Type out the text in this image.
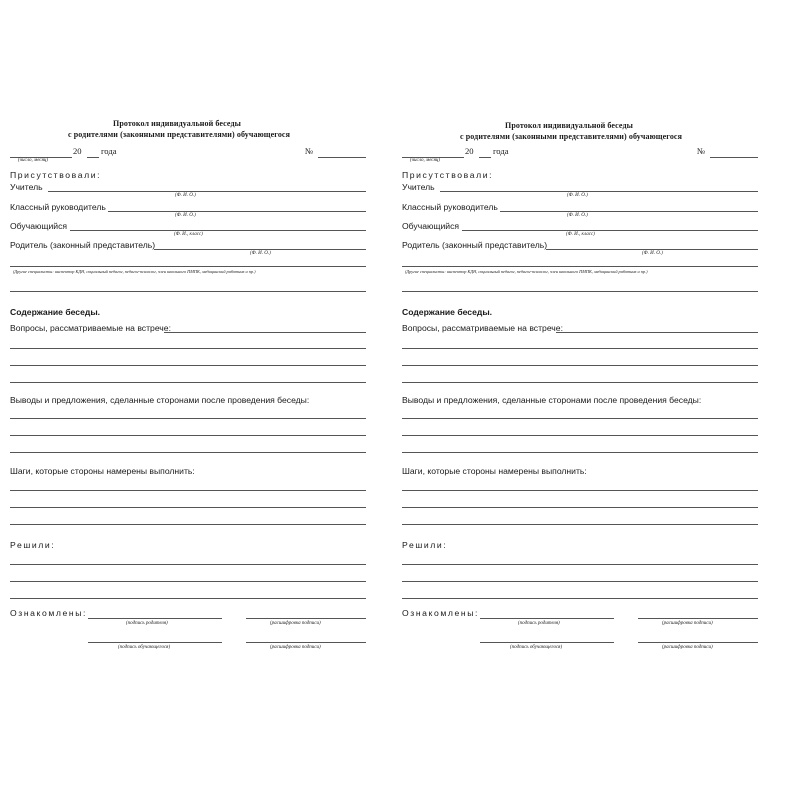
Протокол индивидуальной беседы
с родителями (законными представителями) обучающегося
20 года	№
(число, месяц)
Присутствовали:
Учитель
(Ф. И. О.)
Классный руководитель
(Ф. И. О.)
Обучающийся
(Ф. И., класс)
Родитель (законный представитель)
(Ф. И. О.)
(Другие специалисты: инспектор КДН, социальный педагог, педагог-психолог, член школьного ПМПК, медицинский работник и пр.)
Содержание беседы.
Вопросы, рассматриваемые на встрече:
Выводы и предложения, сделанные сторонами после проведения беседы:
Шаги, которые стороны намерены выполнить:
Решили:
Ознакомлены:
(подпись родителя)	(расшифровка подписи)
(подпись обучающегося)	(расшифровка подписи)
Протокол индивидуальной беседы
с родителями (законными представителями) обучающегося
20 года	№
(число, месяц)
Присутствовали:
Учитель
(Ф. И. О.)
Классный руководитель
(Ф. И. О.)
Обучающийся
(Ф. И., класс)
Родитель (законный представитель)
(Ф. И. О.)
(Другие специалисты: инспектор КДН, социальный педагог, педагог-психолог, член школьного ПМПК, медицинский работник и пр.)
Содержание беседы.
Вопросы, рассматриваемые на встрече:
Выводы и предложения, сделанные сторонами после проведения беседы:
Шаги, которые стороны намерены выполнить:
Решили:
Ознакомлены:
(подпись родителя)	(расшифровка подписи)
(подпись обучающегося)	(расшифровка подписи)
